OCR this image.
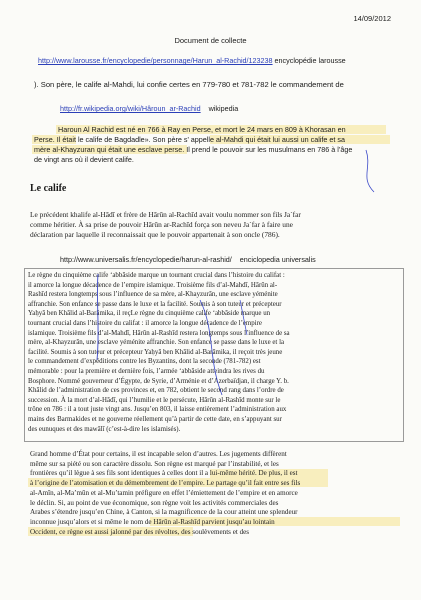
14/09/2012
Document de collecte
http://www.larousse.fr/encyclopedie/personnage/Harun_al-Rachid/123238 encyclopédie larousse
). Son père, le calife al-Mahdi, lui confie certes en 779-780 et 781-782 le commandement de
http://fr.wikipedia.org/wiki/Hâroun_ar-Rachid wikipedia
Haroun Al Rachid est né en 766 à Ray en Perse, et mort le 24 mars en 809 à Khorasan en
Perse. Il était le calife de Bagdadle». Son père s’ appelle al-Mahdi qui était lui aussi un calife et sa
mère al-Khayzuran qui était une esclave perse. Il prend le pouvoir sur les musulmans en 786 à l’âge
de vingt ans où il devient calife.
Le calife
Le précédent khalife al-Hādī et frère de Hārūn al-Rachīd avait voulu nommer son fils Ja`far
comme héritier. À sa prise de pouvoir Hārūn ar-Rachīd força son neveu Ja`far à faire une
déclaration par laquelle il reconnaissait que le pouvoir appartenait à son oncle (786).
http://www.universalis.fr/encyclopedie/harun-al-rashid/ enciclopedia universalis
Le règne du cinquième calife ‘abbāside marque un tournant crucial dans l’histoire du califat :
il amorce la longue décadence de l’empire islamique. Troisième fils d’al-Mahdī, Hārūn al-
Rashīd restera longtemps sous l’influence de sa mère, al-Khayzurān, une esclave yéménite
affranchie. Son enfance se passe dans le luxe et la facilité. Soumis à son tuteur et précepteur
Yaḥyā ben Khālid al-Barāmika, il reçLe règne du cinquième calife ‘abbāside marque un
tournant crucial dans l’histoire du califat : il amorce la longue décadence de l’empire
islamique. Troisième fils d’al-Mahdī, Hārūn al-Rashīd restera longtemps sous l’influence de sa
mère, al-Khayzurān, une esclave yéménite affranchie. Son enfance se passe dans le luxe et la
facilité. Soumis à son tuteur et précepteur Yaḥyā ben Khālid al-Barāmika, il reçoit très jeune
le commandement d’expéditions contre les Byzantins, dont la seconde (781-782) est
mémorable : pour la première et dernière fois, l’armée ‘abbāside atteindra les rives du
Bosphore. Nommé gouverneur d’Égypte, de Syrie, d’Arménie et d’Azerbaïdjan, il charge Y. b.
Khālid de l’administration de ces provinces et, en 782, obtient le second rang dans l’ordre de
succession. À la mort d’al-Hādī, qui l’humilie et le persécute, Hārūn al-Rashīd monte sur le
trône en 786 : il a tout juste vingt ans. Jusqu’en 803, il laisse entièrement l’administration aux
mains des Barmakides et ne gouverne réellement qu’à partir de cette date, en s’appuyant sur
des eunuques et des mawālī (c’est-à-dire les islamisés).
Grand homme d’État pour certains, il est incapable selon d’autres. Les jugements diffèrent
même sur sa piété ou son caractère dissolu. Son règne est marqué par l’instabilité, et les
frontières qu’il lègue à ses fils sont identiques à celles dont il a lui-même hérité. De plus, il est
à l’origine de l’atomisation et du démembrement de l’empire. Le partage qu’il fait entre ses fils
al-Amīn, al-Ma’mūn et al-Mu’tamin préfigure en effet l’émiettement de l’empire et en amorce
le déclin. Si, au point de vue économique, son règne voit les activités commerciales des
Arabes s’étendre jusqu’en Chine, à Canton, si la magnificence de la cour atteint une splendeur
inconnue jusqu’alors et si même le nom de Hārūn al-Rashīd parvient jusqu’au lointain
Occident, ce règne est aussi jalonné par des révoltes, des soulèvements et des
